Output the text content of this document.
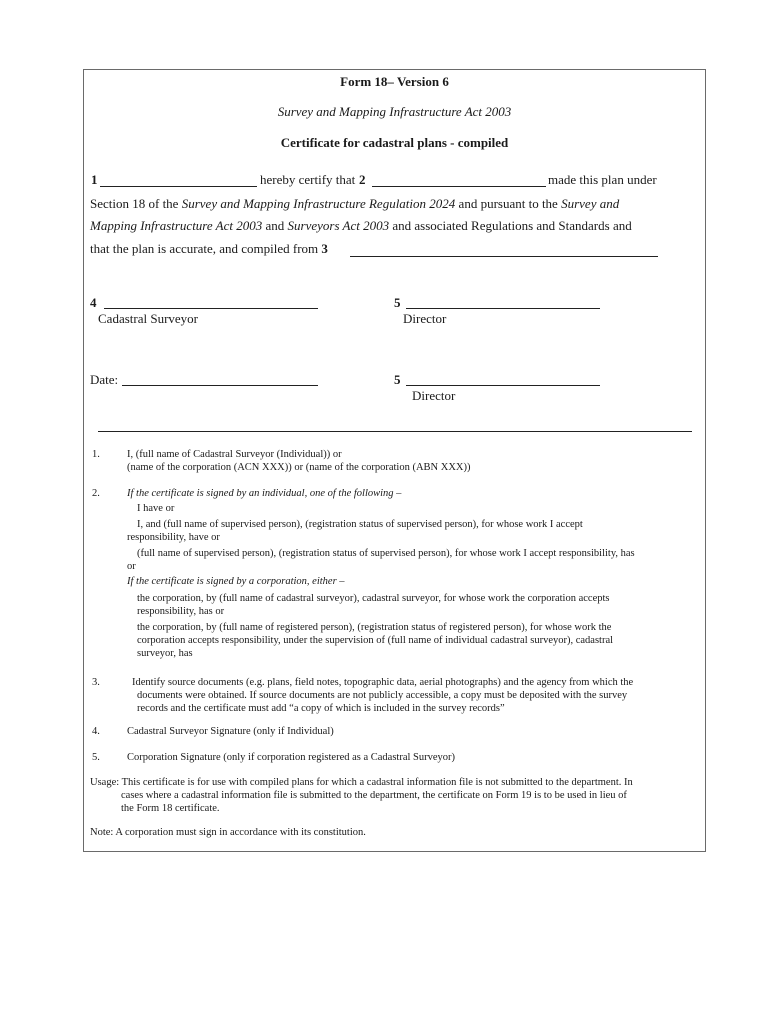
Form 18– Version 6
Survey and Mapping Infrastructure Act 2003
Certificate for cadastral plans - compiled
1	hereby certify that 2	made this plan under
Section 18 of the Survey and Mapping Infrastructure Regulation 2024 and pursuant to the Survey and
Mapping Infrastructure Act 2003 and Surveyors Act 2003 and associated Regulations and Standards and
that the plan is accurate, and compiled from 3
4
Cadastral Surveyor
5
Director
Date:	5
Director
1.	I, (full name of Cadastral Surveyor (Individual)) or
(name of the corporation (ACN XXX)) or (name of the corporation (ABN XXX))
2.	If the certificate is signed by an individual, one of the following –
I have or
I, and (full name of supervised person), (registration status of supervised person), for whose work I accept
responsibility, have or
(full name of supervised person), (registration status of supervised person), for whose work I accept responsibility, has
or
If the certificate is signed by a corporation, either –
the corporation, by (full name of cadastral surveyor), cadastral surveyor, for whose work the corporation accepts
responsibility, has or
the corporation, by (full name of registered person), (registration status of registered person), for whose work the
corporation accepts responsibility, under the supervision of (full name of individual cadastral surveyor), cadastral
surveyor, has
3.	Identify source documents (e.g. plans, field notes, topographic data, aerial photographs) and the agency from which the
documents were obtained. If source documents are not publicly accessible, a copy must be deposited with the survey
records and the certificate must add “a copy of which is included in the survey records”
4.	Cadastral Surveyor Signature (only if Individual)
5.	Corporation Signature (only if corporation registered as a Cadastral Surveyor)
Usage: This certificate is for use with compiled plans for which a cadastral information file is not submitted to the department. In
cases where a cadastral information file is submitted to the department, the certificate on Form 19 is to be used in lieu of
the Form 18 certificate.
Note: A corporation must sign in accordance with its constitution.
